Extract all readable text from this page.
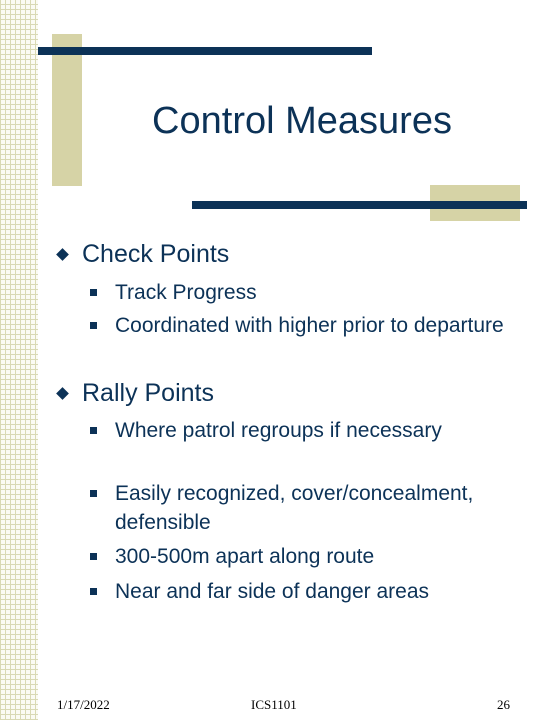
Control Measures
Check Points
Track Progress
Coordinated with higher prior to departure
Rally Points
Where patrol regroups if necessary
Easily recognized, cover/concealment, defensible
300-500m apart along route
Near and far side of danger areas
1/17/2022	ICS1101	26
